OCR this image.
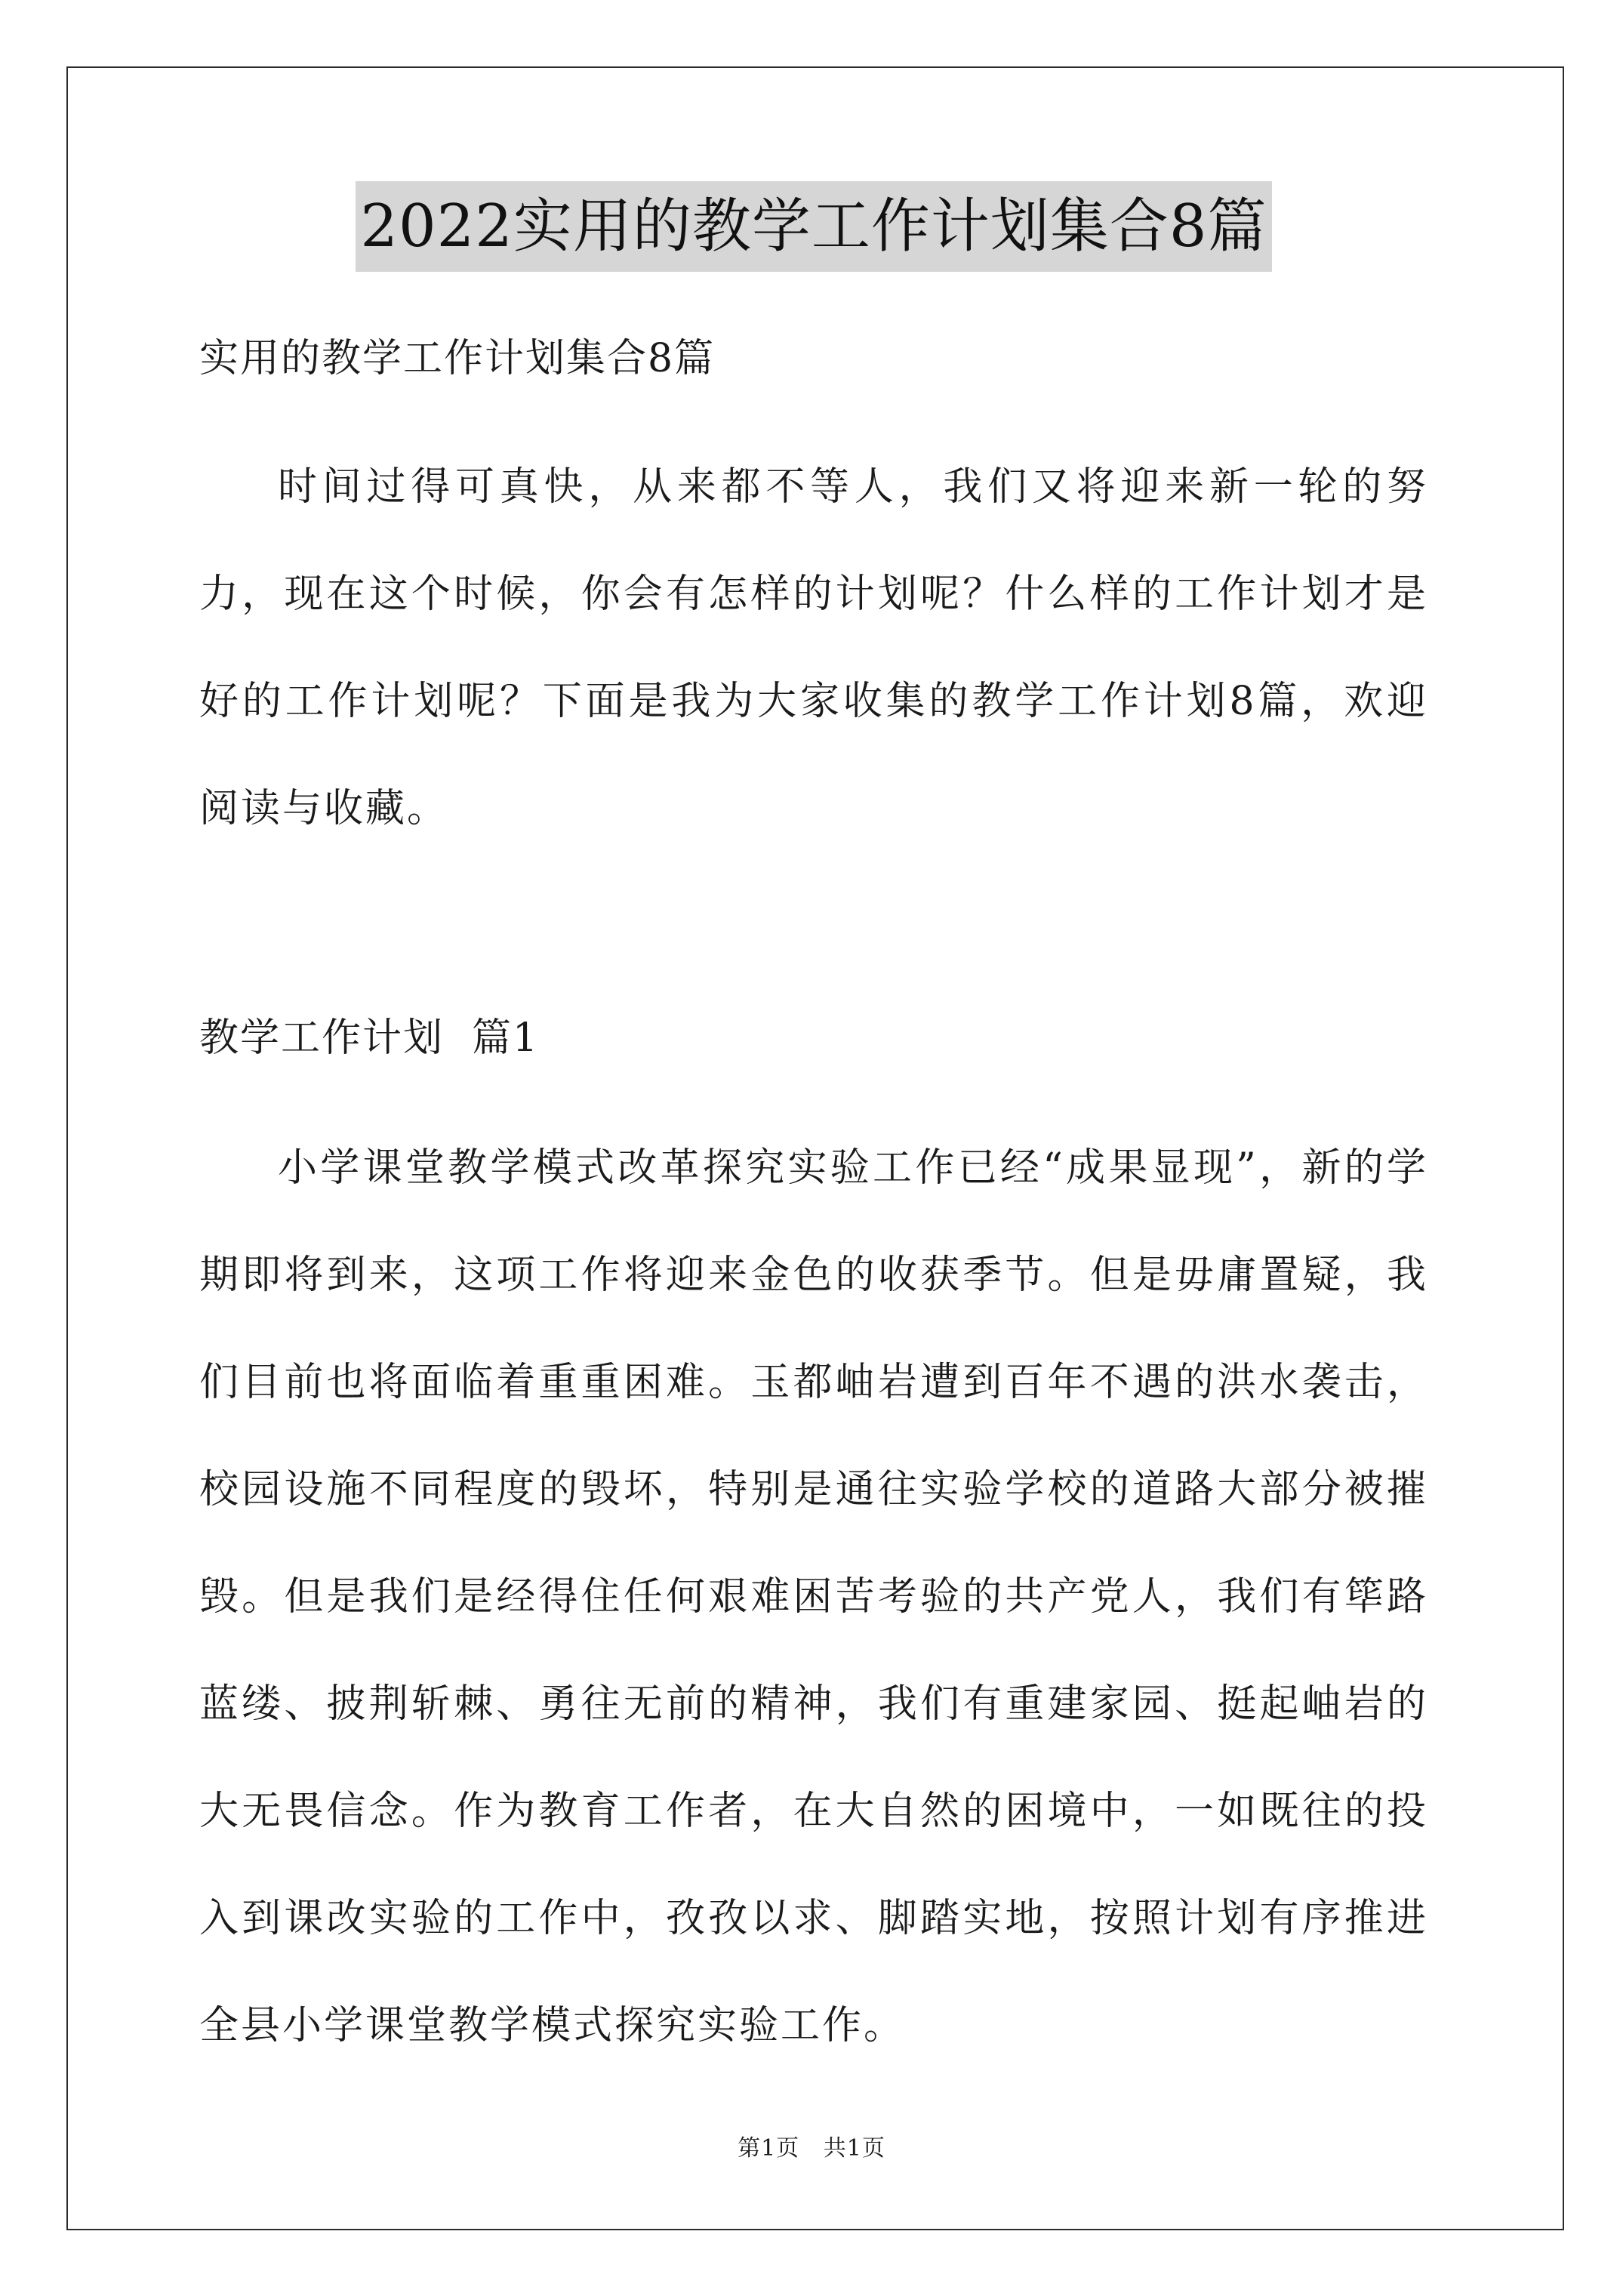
2022实用的教学工作计划集合8篇

实用的教学工作计划集合8篇

时间过得可真快，从来都不等人，我们又将迎来新一轮的努力，现在这个时候，你会有怎样的计划呢？什么样的工作计划才是好的工作计划呢？下面是我为大家收集的教学工作计划8篇，欢迎阅读与收藏。

教学工作计划  篇1

小学课堂教学模式改革探究实验工作已经“成果显现”，新的学期即将到来，这项工作将迎来金色的收获季节。但是毋庸置疑，我们目前也将面临着重重困难。玉都岫岩遭到百年不遇的洪水袭击，校园设施不同程度的毁坏，特别是通往实验学校的道路大部分被摧毁。但是我们是经得住任何艰难困苦考验的共产党人，我们有筚路蓝缕、披荆斩棘、勇往无前的精神，我们有重建家园、挺起岫岩的大无畏信念。作为教育工作者，在大自然的困境中，一如既往的投入到课改实验的工作中，孜孜以求、脚踏实地，按照计划有序推进全县小学课堂教学模式探究实验工作。

第1页   共1页
